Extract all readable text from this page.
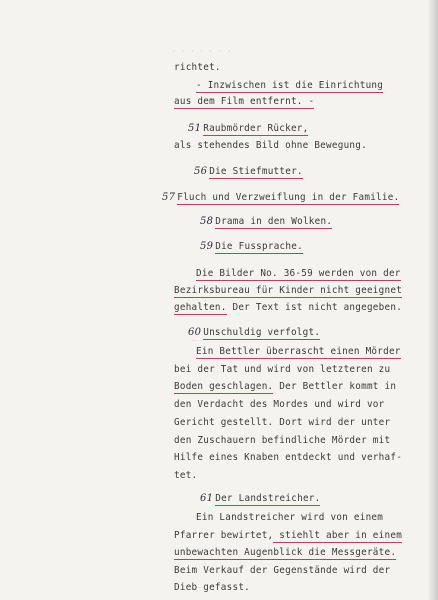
· · · · · · ·
richtet.
- Inzwischen ist die Einrichtung
aus dem Film entfernt. -
51 Raubmörder Rücker,
als stehendes Bild ohne Bewegung.
56 Die Stiefmutter.
57 Fluch und Verzweiflung in der Familie.
58 Drama in den Wolken.
59 Die Fussprache.
Die Bilder No. 36-59 werden von der
Bezirksbureau für Kinder nicht geeignet
gehalten. Der Text ist nicht angegeben.
60 Unschuldig verfolgt.
Ein Bettler überrascht einen Mörder
bei der Tat und wird von letzteren zu
Boden geschlagen. Der Bettler kommt in
den Verdacht des Mordes und wird vor
Gericht gestellt. Dort wird der unter
den Zuschauern befindliche Mörder mit
Hilfe eines Knaben entdeckt und verhaf-
tet.
61 Der Landstreicher.
Ein Landstreicher wird von einem
Pfarrer bewirtet, stiehlt aber in einem
unbewachten Augenblick die Messgeräte.
Beim Verkauf der Gegenstände wird der
Dieb gefasst.
